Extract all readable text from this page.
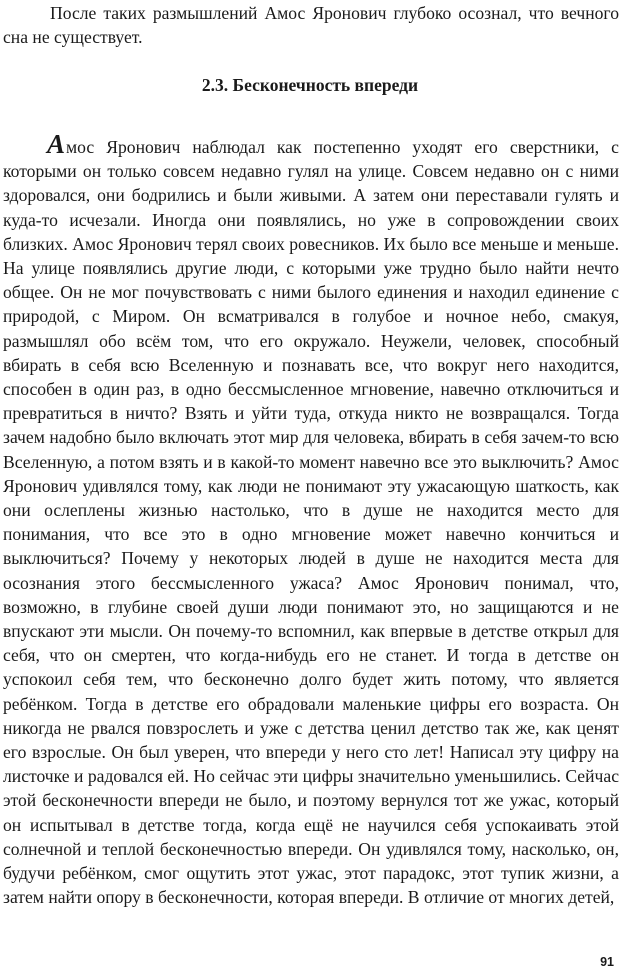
После таких размышлений Амос Яронович глубоко осознал, что вечного сна не существует.

2.3. Бесконечность впереди

Амос Яронович наблюдал как постепенно уходят его сверстники, с которыми он только совсем недавно гулял на улице. Совсем недавно он с ними здоровался, они бодрились и были живыми. А затем они переставали гулять и куда-то исчезали. Иногда они появлялись, но уже в сопровождении своих близких. Амос Яронович терял своих ровесников. Их было все меньше и меньше. На улице появлялись другие люди, с которыми уже трудно было найти нечто общее. Он не мог почувствовать с ними былого единения и находил единение с природой, с Миром. Он всматривался в голубое и ночное небо, смакуя, размышлял обо всём том, что его окружало. Неужели, человек, способный вбирать в себя всю Вселенную и познавать все, что вокруг него находится, способен в один раз, в одно бессмысленное мгновение, навечно отключиться и превратиться в ничто? Взять и уйти туда, откуда никто не возвращался. Тогда зачем надобно было включать этот мир для человека, вбирать в себя зачем-то всю Вселенную, а потом взять и в какой-то момент навечно все это выключить? Амос Яронович удивлялся тому, как люди не понимают эту ужасающую шаткость, как они ослеплены жизнью настолько, что в душе не находится место для понимания, что все это в одно мгновение может навечно кончиться и выключиться? Почему у некоторых людей в душе не находится места для осознания этого бессмысленного ужаса? Амос Яронович понимал, что, возможно, в глубине своей души люди понимают это, но защищаются и не впускают эти мысли. Он почему-то вспомнил, как впервые в детстве открыл для себя, что он смертен, что когда-нибудь его не станет. И тогда в детстве он успокоил себя тем, что бесконечно долго будет жить потому, что является ребёнком. Тогда в детстве его обрадовали маленькие цифры его возраста. Он никогда не рвался повзрослеть и уже с детства ценил детство так же, как ценят его взрослые. Он был уверен, что впереди у него сто лет! Написал эту цифру на листочке и радовался ей. Но сейчас эти цифры значительно уменьшились. Сейчас этой бесконечности впереди не было, и поэтому вернулся тот же ужас, который он испытывал в детстве тогда, когда ещё не научился себя успокаивать этой солнечной и теплой бесконечностью впереди. Он удивлялся тому, насколько, он, будучи ребёнком, смог ощутить этот ужас, этот парадокс, этот тупик жизни, а затем найти опору в бесконечности, которая впереди. В отличие от многих детей,

91
